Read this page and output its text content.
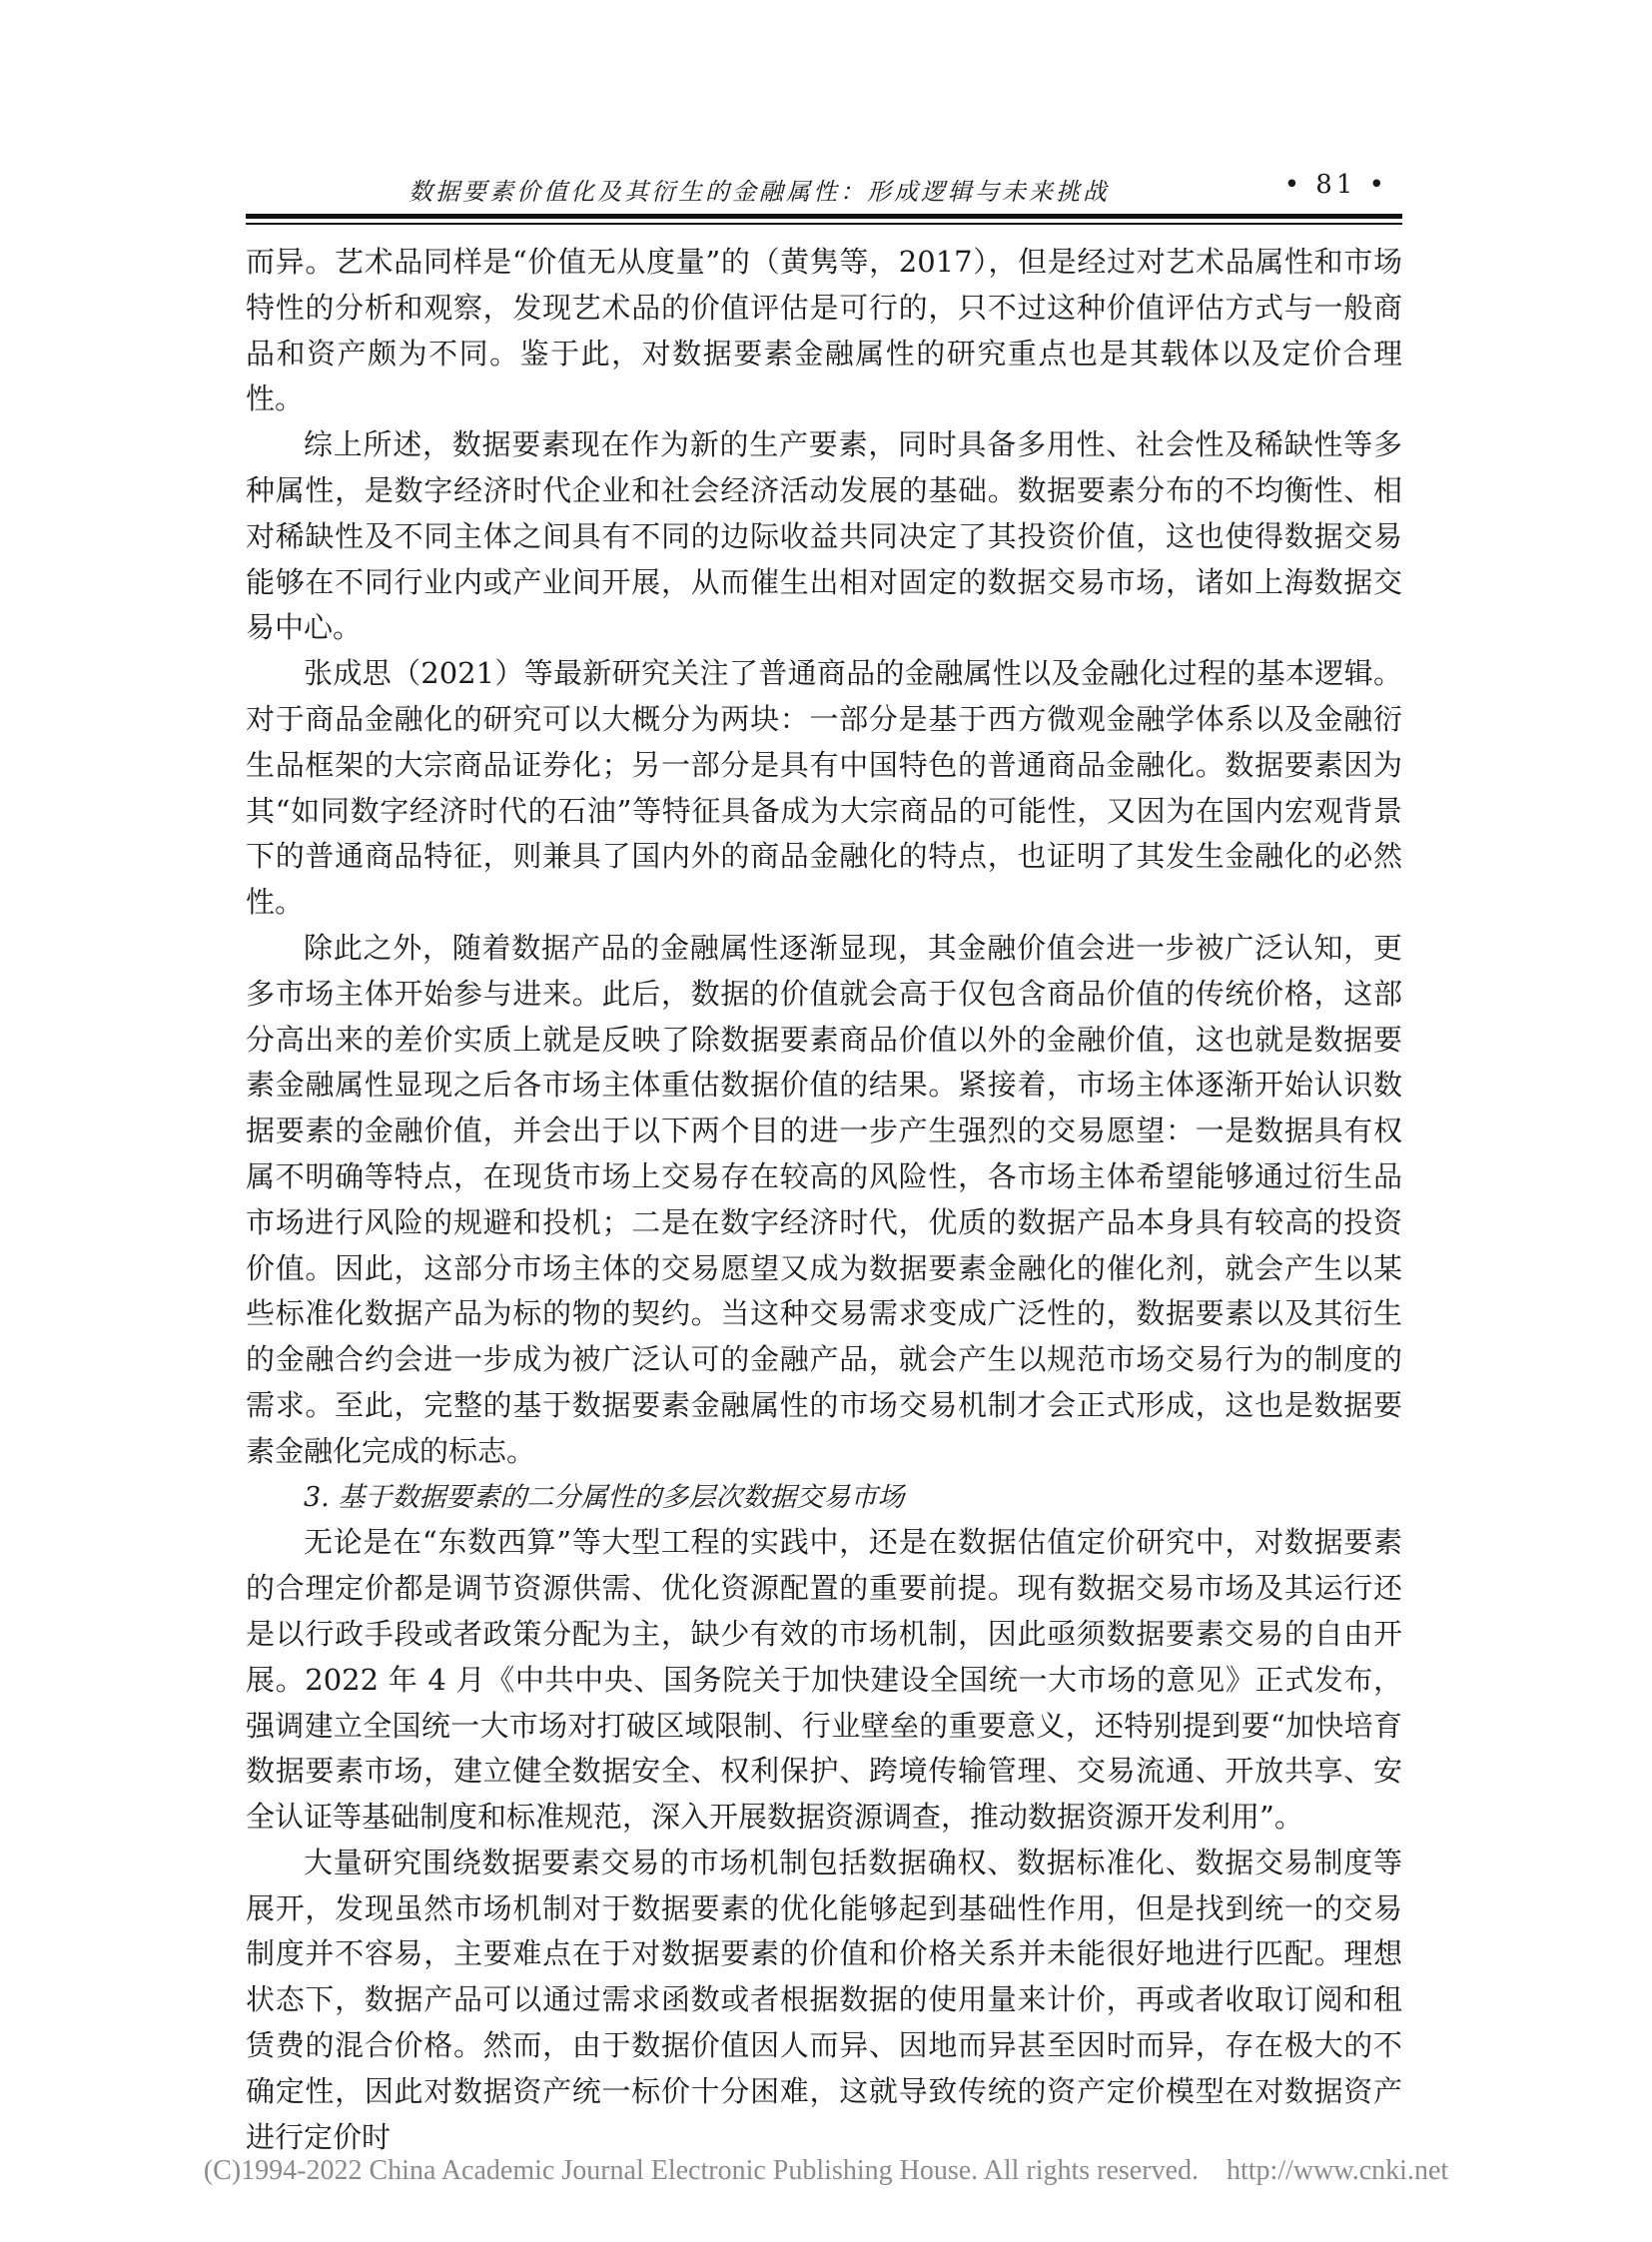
数据要素价值化及其衍生的金融属性：形成逻辑与未来挑战	• 81 •

而异。艺术品同样是“价值无从度量”的（黄隽等，2017），但是经过对艺术品属性和市场特性的分析和观察，发现艺术品的价值评估是可行的，只不过这种价值评估方式与一般商品和资产颇为不同。鉴于此，对数据要素金融属性的研究重点也是其载体以及定价合理性。

综上所述，数据要素现在作为新的生产要素，同时具备多用性、社会性及稀缺性等多种属性，是数字经济时代企业和社会经济活动发展的基础。数据要素分布的不均衡性、相对稀缺性及不同主体之间具有不同的边际收益共同决定了其投资价值，这也使得数据交易能够在不同行业内或产业间开展，从而催生出相对固定的数据交易市场，诸如上海数据交易中心。

张成思（2021）等最新研究关注了普通商品的金融属性以及金融化过程的基本逻辑。对于商品金融化的研究可以大概分为两块：一部分是基于西方微观金融学体系以及金融衍生品框架的大宗商品证券化；另一部分是具有中国特色的普通商品金融化。数据要素因为其“如同数字经济时代的石油”等特征具备成为大宗商品的可能性，又因为在国内宏观背景下的普通商品特征，则兼具了国内外的商品金融化的特点，也证明了其发生金融化的必然性。

除此之外，随着数据产品的金融属性逐渐显现，其金融价值会进一步被广泛认知，更多市场主体开始参与进来。此后，数据的价值就会高于仅包含商品价值的传统价格，这部分高出来的差价实质上就是反映了除数据要素商品价值以外的金融价值，这也就是数据要素金融属性显现之后各市场主体重估数据价值的结果。紧接着，市场主体逐渐开始认识数据要素的金融价值，并会出于以下两个目的进一步产生强烈的交易愿望：一是数据具有权属不明确等特点，在现货市场上交易存在较高的风险性，各市场主体希望能够通过衍生品市场进行风险的规避和投机；二是在数字经济时代，优质的数据产品本身具有较高的投资价值。因此，这部分市场主体的交易愿望又成为数据要素金融化的催化剂，就会产生以某些标准化数据产品为标的物的契约。当这种交易需求变成广泛性的，数据要素以及其衍生的金融合约会进一步成为被广泛认可的金融产品，就会产生以规范市场交易行为的制度的需求。至此，完整的基于数据要素金融属性的市场交易机制才会正式形成，这也是数据要素金融化完成的标志。

3. 基于数据要素的二分属性的多层次数据交易市场

无论是在“东数西算”等大型工程的实践中，还是在数据估值定价研究中，对数据要素的合理定价都是调节资源供需、优化资源配置的重要前提。现有数据交易市场及其运行还是以行政手段或者政策分配为主，缺少有效的市场机制，因此亟须数据要素交易的自由开展。2022 年 4 月《中共中央、国务院关于加快建设全国统一大市场的意见》正式发布，强调建立全国统一大市场对打破区域限制、行业壁垒的重要意义，还特别提到要“加快培育数据要素市场，建立健全数据安全、权利保护、跨境传输管理、交易流通、开放共享、安全认证等基础制度和标准规范，深入开展数据资源调查，推动数据资源开发利用”。

大量研究围绕数据要素交易的市场机制包括数据确权、数据标准化、数据交易制度等展开，发现虽然市场机制对于数据要素的优化能够起到基础性作用，但是找到统一的交易制度并不容易，主要难点在于对数据要素的价值和价格关系并未能很好地进行匹配。理想状态下，数据产品可以通过需求函数或者根据数据的使用量来计价，再或者收取订阅和租赁费的混合价格。然而，由于数据价值因人而异、因地而异甚至因时而异，存在极大的不确定性，因此对数据资产统一标价十分困难，这就导致传统的资产定价模型在对数据资产进行定价时

(C)1994-2022 China Academic Journal Electronic Publishing House. All rights reserved.    http://www.cnki.net
